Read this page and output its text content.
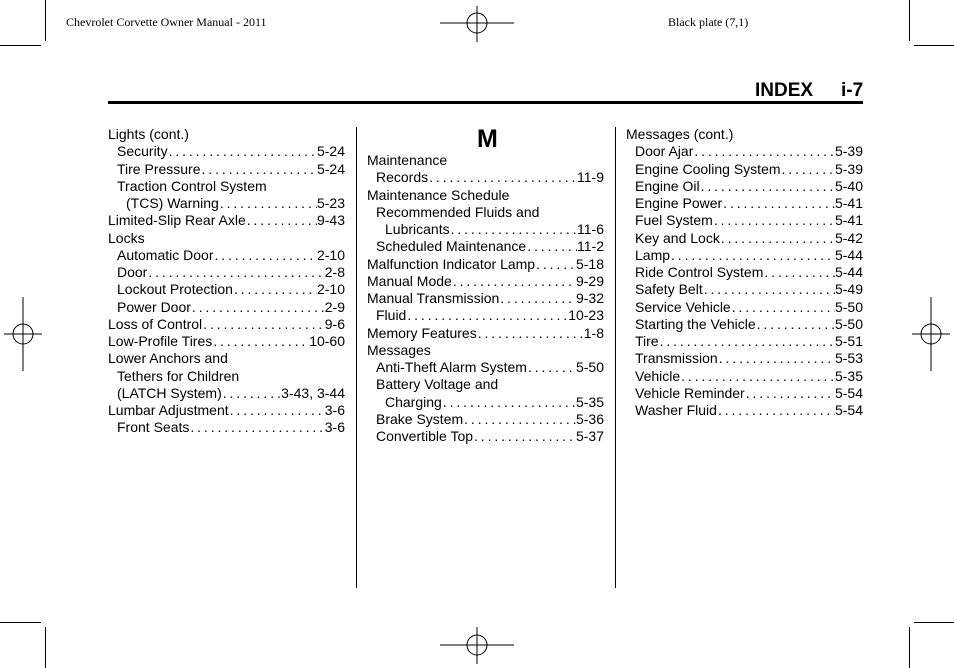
Chevrolet Corvette Owner Manual - 2011	Black plate (7,1)
INDEX i-7
Lights (cont.)
Security . . .	5-24
Tire Pressure . . .	5-24
Traction Control System
(TCS) Warning . . .	5-23
Limited-Slip Rear Axle . . .	9-43
Locks
Automatic Door . . .	2-10
Door . . .	2-8
Lockout Protection . . .	2-10
Power Door . . .	2-9
Loss of Control . . .	9-6
Low-Profile Tires . . .	10-60
Lower Anchors and
Tethers for Children
(LATCH System) . . .	3-43, 3-44
Lumbar Adjustment . . .	3-6
Front Seats . . .	3-6
M
Maintenance
Records . . .	11-9
Maintenance Schedule
Recommended Fluids and
Lubricants . . .	11-6
Scheduled Maintenance . . .	11-2
Malfunction Indicator Lamp . . .	5-18
Manual Mode . . .	9-29
Manual Transmission . . .	9-32
Fluid . . .	10-23
Memory Features . . .	1-8
Messages
Anti-Theft Alarm System . . .	5-50
Battery Voltage and
Charging . . .	5-35
Brake System . . .	5-36
Convertible Top . . .	5-37
Messages (cont.)
Door Ajar . . .	5-39
Engine Cooling System . . .	5-39
Engine Oil . . .	5-40
Engine Power . . .	5-41
Fuel System . . .	5-41
Key and Lock . . .	5-42
Lamp . . .	5-44
Ride Control System . . .	5-44
Safety Belt . . .	5-49
Service Vehicle . . .	5-50
Starting the Vehicle . . .	5-50
Tire . . .	5-51
Transmission . . .	5-53
Vehicle . . .	5-35
Vehicle Reminder . . .	5-54
Washer Fluid . . .	5-54
